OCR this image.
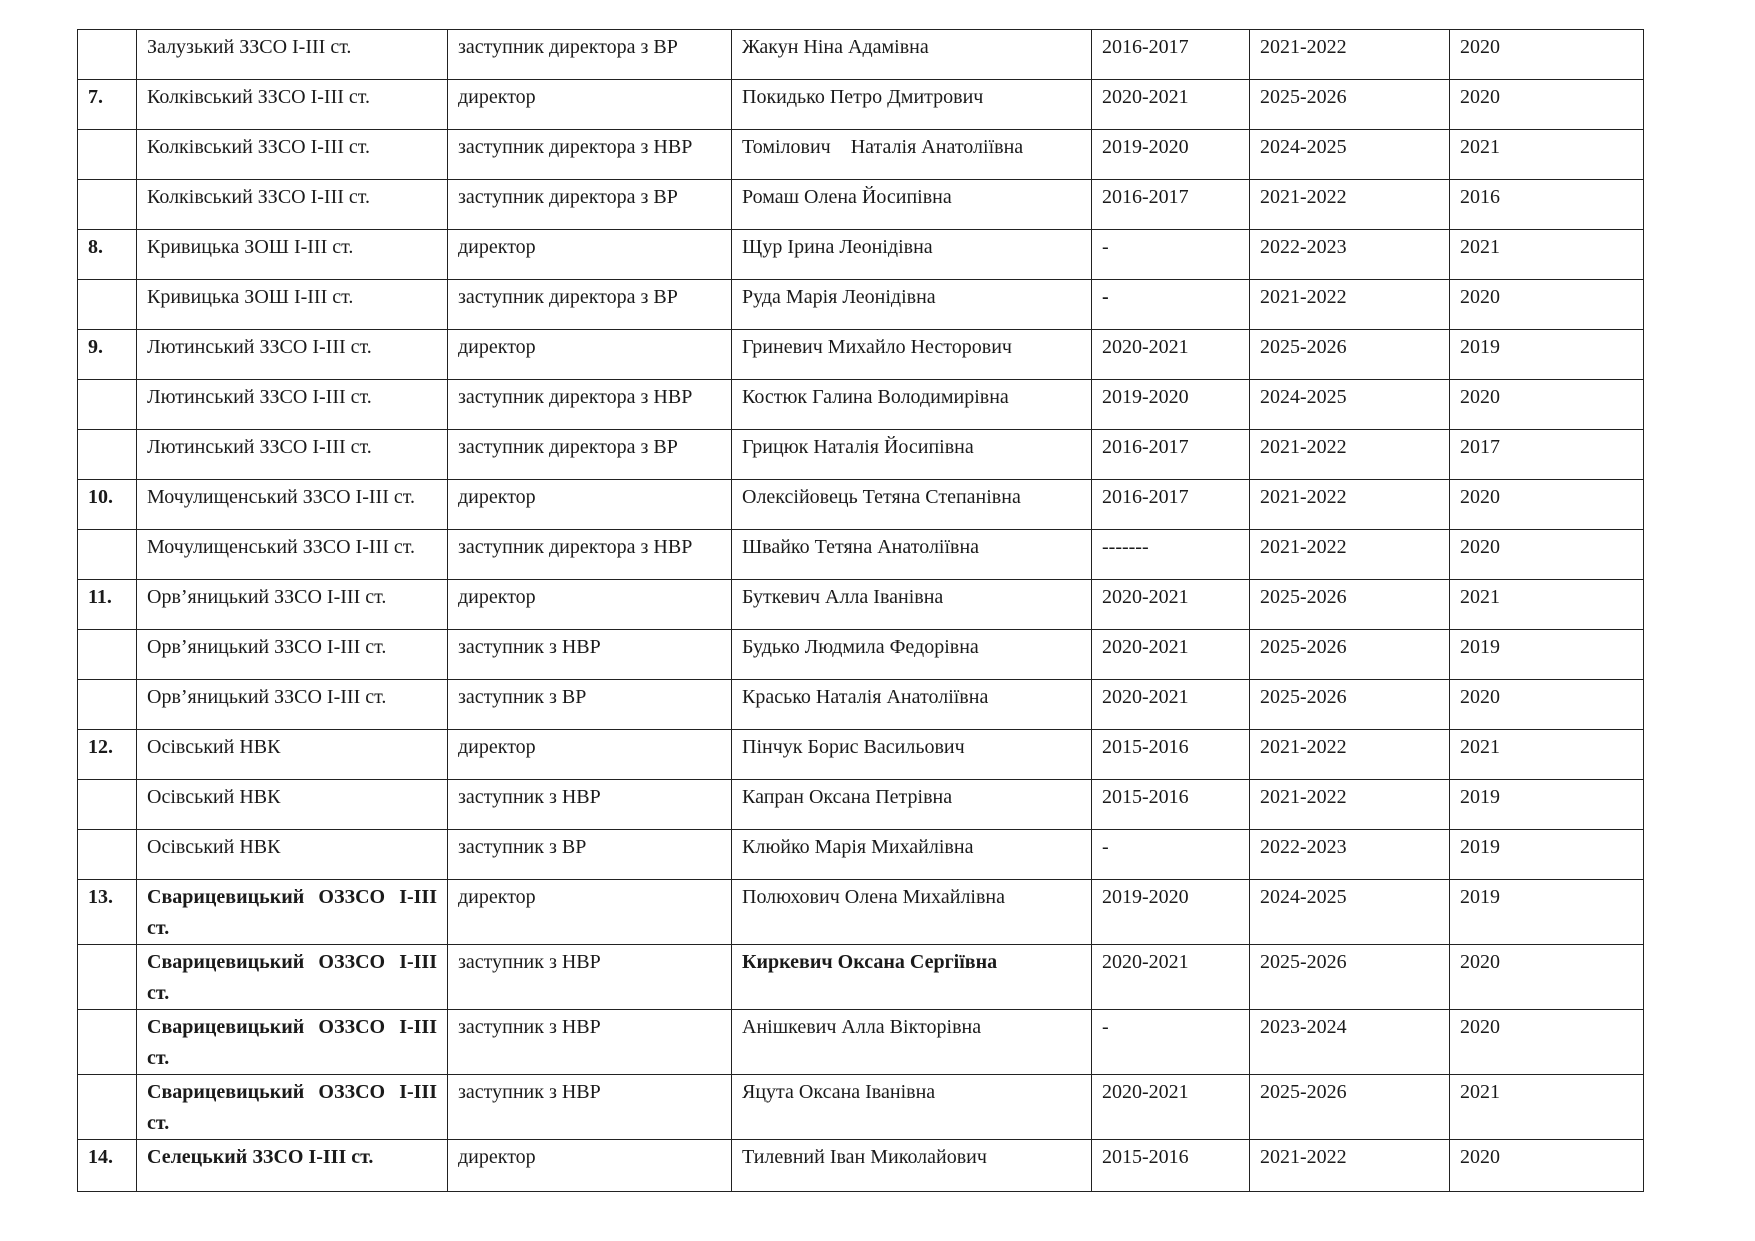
	Залузький ЗЗСО І-ІІІ ст.	заступник директора з ВР	Жакун Ніна Адамівна	2016-2017	2021-2022	2020
7.	Колківський ЗЗСО І-ІІІ ст.	директор	Покидько Петро Дмитрович	2020-2021	2025-2026	2020
	Колківський ЗЗСО І-ІІІ ст.	заступник директора з НВР	Томілович    Наталія Анатоліївна	2019-2020	2024-2025	2021
	Колківський ЗЗСО І-ІІІ ст.	заступник директора з ВР	Ромаш Олена Йосипівна	2016-2017	2021-2022	2016
8.	Кривицька ЗОШ І-ІІІ ст.	директор	Щур Ірина Леонідівна	-	2022-2023	2021
	Кривицька ЗОШ І-ІІІ ст.	заступник директора з ВР	Руда Марія Леонідівна	-	2021-2022	2020
9.	Лютинський ЗЗСО І-ІІІ ст.	директор	Гриневич Михайло Несторович	2020-2021	2025-2026	2019
	Лютинський ЗЗСО І-ІІІ ст.	заступник директора з НВР	Костюк Галина Володимирівна	2019-2020	2024-2025	2020
	Лютинський ЗЗСО І-ІІІ ст.	заступник директора з ВР	Грицюк Наталія Йосипівна	2016-2017	2021-2022	2017
10.	Мочулищенський ЗЗСО І-ІІІ ст.	директор	Олексійовець Тетяна Степанівна	2016-2017	2021-2022	2020
	Мочулищенський ЗЗСО І-ІІІ ст.	заступник директора з НВР	Швайко Тетяна Анатоліївна	-------	2021-2022	2020
11.	Орв’яницький ЗЗСО І-ІІІ ст.	директор	Буткевич Алла Іванівна	2020-2021	2025-2026	2021
	Орв’яницький ЗЗСО І-ІІІ ст.	заступник з НВР	Будько Людмила Федорівна	2020-2021	2025-2026	2019
	Орв’яницький ЗЗСО І-ІІІ ст.	заступник з ВР	Красько Наталія Анатоліївна	2020-2021	2025-2026	2020
12.	Осівський НВК	директор	Пінчук Борис Васильович	2015-2016	2021-2022	2021
	Осівський НВК	заступник з НВР	Капран Оксана Петрівна	2015-2016	2021-2022	2019
	Осівський НВК	заступник з ВР	Клюйко Марія Михайлівна	-	2022-2023	2019
13.	Сварицевицький ОЗЗСО І-ІІІ ст.	директор	Полюхович Олена Михайлівна	2019-2020	2024-2025	2019
	Сварицевицький ОЗЗСО І-ІІІ ст.	заступник з НВР	Киркевич Оксана Сергіївна	2020-2021	2025-2026	2020
	Сварицевицький ОЗЗСО І-ІІІ ст.	заступник з НВР	Анішкевич Алла Вікторівна	-	2023-2024	2020
	Сварицевицький ОЗЗСО І-ІІІ ст.	заступник з НВР	Яцута Оксана Іванівна	2020-2021	2025-2026	2021
14.	Селецький ЗЗСО І-ІІІ ст.	директор	Тилевний Іван Миколайович	2015-2016	2021-2022	2020
